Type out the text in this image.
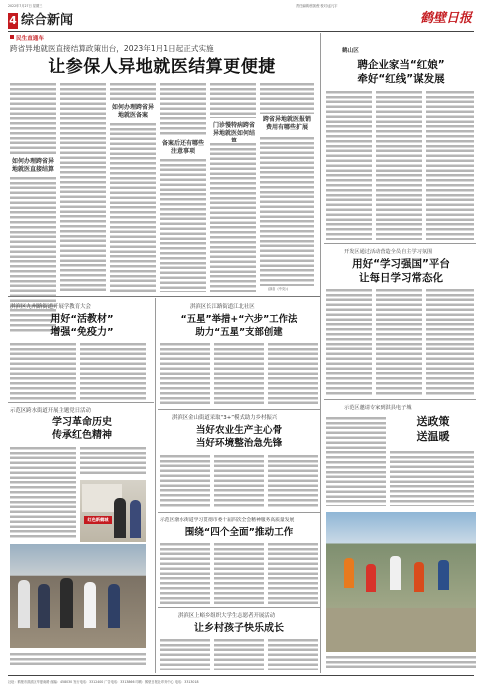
2022年7月27日 星期三	责任编辑/张凯俊 校对/孟凡宇
4 综合新闻	鹤壁日报
民生直通车
跨省异地就医直接结算政策出台，2023年1月1日起正式实施
让参保人异地就医结算更便捷
如何办理跨省异地就医直接结算
如何办理跨省异地就医备案
备案后还有哪些注意事项
门诊慢特病跨省异地就医如何结
跨省异地就医报销费用有哪些扩展
(摘自《中央》)
鹤山区
聘企业家当“红娘”
牵好“红线”谋发展
开发区通过活动营造全员自主学习氛围
用好“学习强国”平台
让每日学习常态化
示范区邀请专家到淇县电子城
送政策
送温暖
淇滨区九州路街道开展学教育大会
用好“活教材”
增强“免疫力”
示范区跨水街道开展主题党日活动
学习革命历史
传承红色精神
红色新鹤城
淇滨区长江路街道江北社区
“五星”举措+“六步”工作法
助力“五星”支部创建
淇滨区金山街道采取“3+”模式助力乡村振兴
当好农业生产主心骨
当好环境整治急先锋
示范区渤水街道学习贯彻市委十届四次全会精神服务高质量发展
围绕“四个全面”推动工作
淇滨区上峪乡组织大学生志愿者开展活动
让乡村孩子快乐成长
社址：鹤壁市淇滨区华夏南路 邮编：458030 发行电话：3312400 广告电话：3313866 印刷：鹤壁日报社印务中心 电话：3313018
